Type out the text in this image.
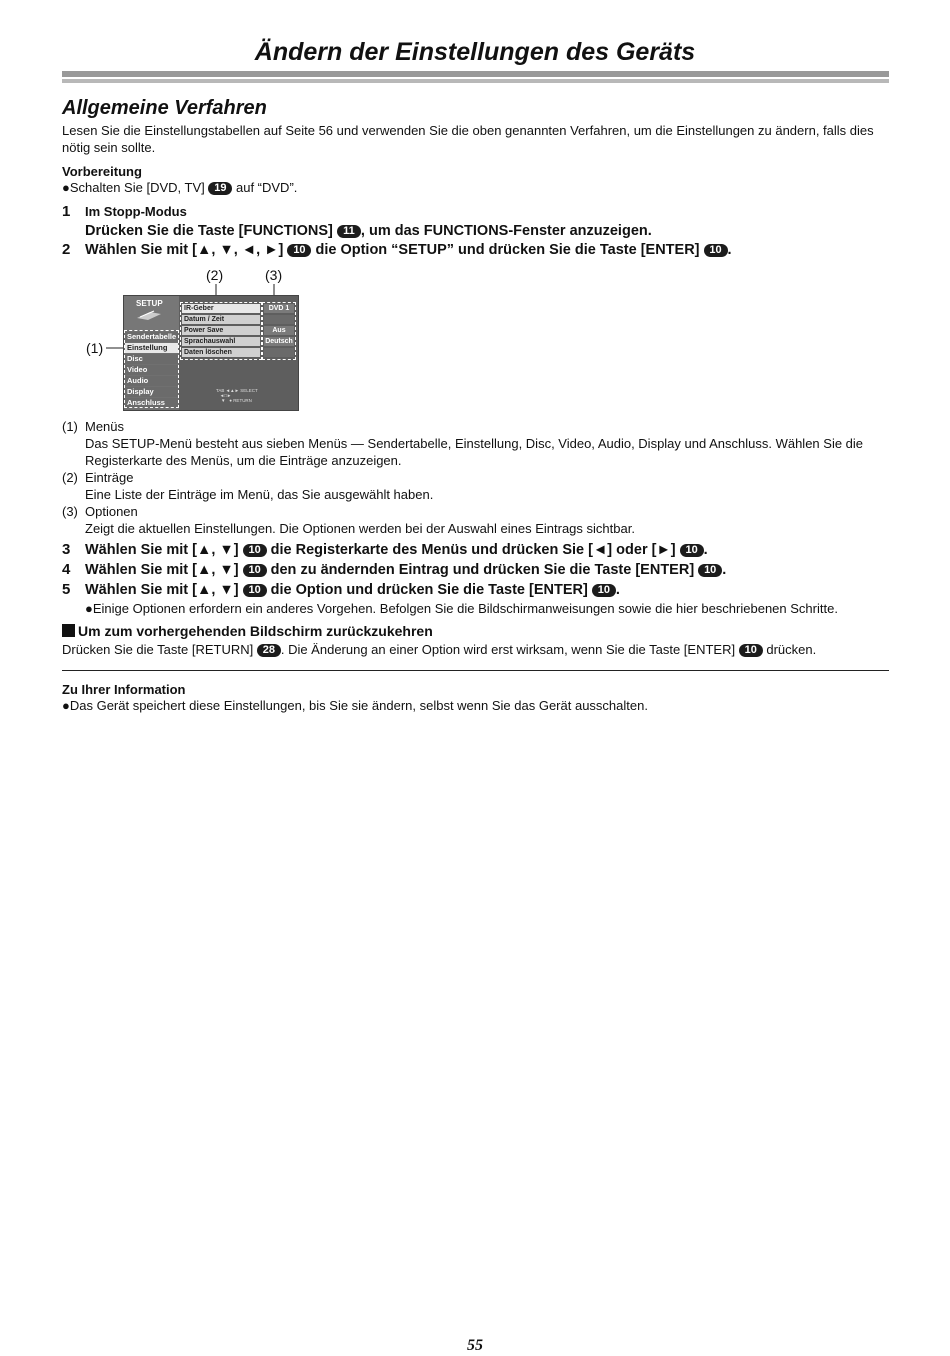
Ändern der Einstellungen des Geräts
Allgemeine Verfahren
Lesen Sie die Einstellungstabellen auf Seite 56 und verwenden Sie die oben genannten Verfahren, um die Einstellungen zu ändern, falls dies nötig sein sollte.
Vorbereitung
●Schalten Sie [DVD, TV] 19 auf “DVD”.
1 Im Stopp-Modus
Drücken Sie die Taste [FUNCTIONS] 11 , um das FUNCTIONS-Fenster anzuzeigen.
2 Wählen Sie mit [▲, ▼, ◄, ►] 10 die Option “SETUP” und drücken Sie die Taste [ENTER] 10 .
(2)	(3)
(1)
SETUP
Sendertabelle
Einstellung
Disc
Video
Audio
Display
Anschluss
IR-Geber
Datum / Zeit
Power Save
Sprachauswahl
Daten löschen
DVD 1
Aus
Deutsch
TAB ◄▲► SELECT
◄□►
▼   ● RETURN
(1) Menüs
Das SETUP-Menü besteht aus sieben Menüs — Sendertabelle, Einstellung, Disc, Video, Audio, Display und Anschluss. Wählen Sie die Registerkarte des Menüs, um die Einträge anzuzeigen.
(2) Einträge
Eine Liste der Einträge im Menü, das Sie ausgewählt haben.
(3) Optionen
Zeigt die aktuellen Einstellungen. Die Optionen werden bei der Auswahl eines Eintrags sichtbar.
3 Wählen Sie mit [▲, ▼] 10 die Registerkarte des Menüs und drücken Sie [◄] oder [►] 10 .
4 Wählen Sie mit [▲, ▼] 10 den zu ändernden Eintrag und drücken Sie die Taste [ENTER] 10 .
5 Wählen Sie mit [▲, ▼] 10 die Option und drücken Sie die Taste [ENTER] 10 .
●Einige Optionen erfordern ein anderes Vorgehen. Befolgen Sie die Bildschirmanweisungen sowie die hier beschriebenen Schritte.
Um zum vorhergehenden Bildschirm zurückzukehren
Drücken Sie die Taste [RETURN] 28 . Die Änderung an einer Option wird erst wirksam, wenn Sie die Taste [ENTER] 10 drücken.
Zu Ihrer Information
●Das Gerät speichert diese Einstellungen, bis Sie sie ändern, selbst wenn Sie das Gerät ausschalten.
55
